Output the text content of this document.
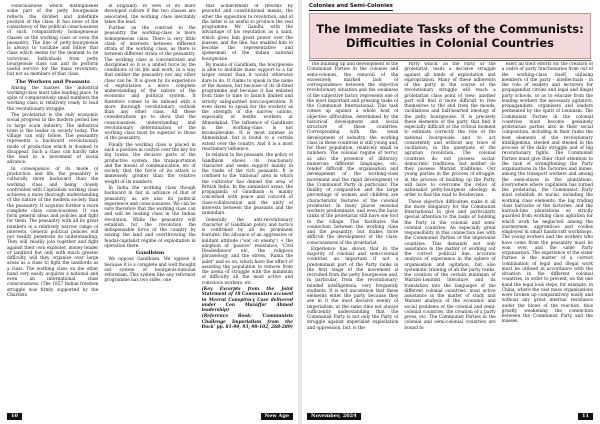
consciousness which distinguishes some part of the petty bourgeoisie reflects the divided and indefinite position of the class. It has none of the consistency of the political consciousness of such comparatively homogeneous classes as the working class or even the peasantry. The line of petty-bourgeoisie is always to vacillate and follow that class which seems for the moment to be victorious. Individuals from petty bourgeoisie class can and do perform useful service for the mass revolution, but not as members of that class.

The Workers and Peasants

Among the masses the industrial working-class must take leading place. In spite of comparatively small numbers the working class is relatively ready to lead the revolutionary struggle.

The proletariat is the only economic social progress in the modern period lies in large scale industry. The industrial town is the leader in society today. The village can only follow. The peasantry represents a backward revolutionary mode of production which is doomed to disappear. Such a class can hardly take the lead in a movement of social advance.

In consequence of its mode of production and life, the peasantry is culturally more backward than the working class and being closely confronted with Capitalism working class achieves a more thorough understanding of the nature of the modern society than the peasantry. It acquires further a more complete class consciousness. It can form general ideas and policies and fight for them. The peasantry with all its great numbers is a relatively narrow range of interests. General political policies will not readily penetrate its understanding. They will readily join together and fight against their own exploiter, money lender or landlord but only with much greater difficulty will they organise over large areas as a class to fight the landlords as a class. The working class on the other hand very easily acquires a national and even an international class consciousness. (The 1857 Indian freedom struggle was firmly supported by the Chartists

in England). In view of its more developed culture if the two classes are associated, the working class inevitably takes the lead.

Further on the contrast to the peasantry the working-class is more homogeneous class. There is very little clash of interests between different strata of the working class, as there is between different strata of the peasantry. The working class is concentrated and disciplined so it is a united force by the conditions of its life and work, in a way that neither the peasantry nor any other class can be. It is given by its experience of exploitation a more complete understanding of the nature of the economic and political system. It therefore comes to be imbued with a more thorough revolutionary outlook than any other class. All these considerations go to show that the consciousness, understanding and revolutionary determination of the working class must be superior to those of the peasantry.

Finally the working class is placed in such a position in control over the key for big towns, the decisive parts of the productive system, the transportation and the means of communication, etc of society that the force of its attack is immensely greater than the relative weight of its numbers.

In India the working class though backward in fair in advance of that of peasantry, as are also its political experience and consciousness. We can be sure therefore that the working class can and will be leading class in the Indian revolution. While the peasantry will establish for the revolution the indispensable force of the country by seizing the land and overthrowing the feudal-capitalist régime of exploitation in operation there.

Gandhism

We oppose Gandhism. We oppose it because it is a complete and well thought out system of bourgeois-national reformism. This system like any reformist programme has two sides, one

that achievement of reforms by peaceful and constitutional means, the other the opposition to revolution, and of the latter is as useful to produce the real programme. Mr. Gandhi, with the advantage of his reputation as a saint, which gives him great power over the masses, and the like, has enabled him to become the representative and spokesman of the Indian national bourgeoisie.

By means of Gandhism, the bourgeoisie is able to mobilize mass support to a far larger extent than it would otherwise dare to do. It claims to speak in the name of the masses, but because of its ill-fated programme and because it has enlisted from time to time to launch limited and strictly safeguarded non-cooperation. It even dares to speak for the workers as the strength of the narrow unions, especially of textile workers at Ahmedabad. The influence of Gandhism in the working-class is not inconsiderable. It is most intense in Ahmedabad, but is found to a certain extent over the country. And it is a most reactionary influence.

In relation to the peasants, the policy of Gandhism shows its reactionary character and seeks support mainly in the ranks of the rich peasants. It is confined to the 'national' area in which the cultivator has denied the area of British India. In the zamindari areas, the propaganda of Gandhism is mainly concerned with peace and concord of class-collaboration and the unity of interests between the peasants and the zamindars.

Generally the anti-revolutionary character of Gandhian policy and tactics is confirmed by all its prominent features: the advance of an aggressive or militant attitude ('war on enemy') + the adoption of 'passive' resistance, 'Civil Disobedience' etc, the religious phraseology and the stress, 'Rama the jailer' and so on, which have the effect of assisting the population to remove from the arena of struggle with the minimum of difficulty all the most active and conscious workers, etc.

(Key Excerpts from the Joint Statement of 18 Communists accused in Meerut Conspiracy Case delivered under Con Muzaffar Ahmed leadership)

(Reference Book: 'Communists Challenge Imperialism from the Dock' pp. 81-90, 93, 98-102, 268-289)

10	New Age
Colonies and Semi-Colonies
The Immediate Tasks of the Communists:
Difficulties in Colonial Countries

The building up and development of the Communist Parties in the colonies and semi-colonies, the removal of the excessively marked lack of correspondence between the objective revolutionary situation and the weakness of the subjective factor, represents one of the most important and pressing tasks of the Communist International. This task comes up against a whole host of objective difficulties, determined by the historical development and social structure of these countries. Corresponding with the weak development of industry, the working class in these countries is still young and, for their population, relatively small in numbers. The colonial regime of terror, as also the presence of illiteracy, numerous different languages, etc. render difficult the organisation and development of the working-class movement and the rapid development of the Communist Party in particular. The fluidity of composition and the large percentage of women and children are characteristic features of the colonial proletariat. In many places seasonal workers predominate, and even the basic ranks of the proletariat still have one foot in the village. This facilitates the connection between the working class and the peasantry, but makes more difficult the development of the class-consciousness of the proletariat.

Experience has shown that in the majority of colonial and semi-colonial countries an important if not a predominant part of the Party ranks in the first stage of the movement is recruited from the petty bourgeoisie and, in particular, from the revolutionary-minded intelligentsia, very frequently students. It is not uncommon that these elements enter the party because they see in it the most decisive enemy of imperialism, at the same time not always sufficiently understanding that the Communist Party is not only the Party of struggle against imperialist exploitation and oppression, but, is the

Party which, as the Party of the proletariat, leads a decisive struggle against all kinds of exploitation and expropriation. Many of these adherents of the party in the course of the revolutionary struggle will reach a proletarian class point of view; another part will find it more difficult to free themselves to the end from the moods, vacillations and half-hearted ideology of the petty bourgeoisie. It is precisely these elements of the party that find it especially difficult at the critical moment to estimate correctly the role of the national bourgeoisie and to act consistently and without any trace of vacillation, in the questions of the agrarian revolution. The colonial countries do not possess social-democratic traditions, but neither do they possess Marxist traditions. Our young parties in the process of struggle, in the process of building up the Party, will have to overcome the relics of nationalist petty-bourgeois ideology in order to find the road to Bolshevism.

These objective difficulties make it all the more obligatory for the Communist International to give and particularly special attention to the tasks of building the Party in the colonial and semi-colonial countries. An especially great responsibility in this connection lies with the Communist Parties of the imperialist countries. This demands not only assistance in the matter of working out the correct political line, accurate analysis of experience in the sphere of organisation and agitation, but also systematic training of all the party ranks, the creation of the certain minimum of Marxist-Leninist literature and its translation into the languages of the different colonial countries, most active assistance in the matter of study and Marxist analysis of the economic and social problems of the colonial and semi-colonial countries, the creation of a party press, etc. The Communist Parties in the colonial and semi-colonial countries are bound to

exert all their efforts for the creation of a cadre of party functionaries from out of the working-class itself, utilising members of the party - intellectuals - in the role of leaders and lecturers for propagandist circles and legal and illegal party schools, so as to educate from the leading workers the necessary agitators, propagandists, organisers and leaders permeated by the spirit of Leninism. The Communist Parties in the colonial countries must become genuinely proletarian parties also in their social composition, including in their ranks the best elements of the revolutionary intelligentsia, steeled and steeled in the process of the daily struggle and of big revolutionary fights. The Communist Parties must give their chief attention to the task of strengthening the Party organisations in the factories and mines, among the transport workers and among the semi-slaves in the plantations. Everywhere where capitalism has turned the proletariat, the Communist Party must establish its nuclei, including the working class elements, the big trading class barracks of the factories, and the barrack-line plantations so strictly guarded from working class agitation for which work he neglected among the journeymen, apprentices and coolies employed in small handicraft workshops. The young workers and the workers who have come from the peasantry must be won over, and the same Party organisation. The experience of the sister Parties is the matter of a correct combination of legal and illegal work must be utilised in accordance with the situation in the different colonial countries, in order to prevent, on the one hand the legal look steps, for example, in China, where the vast mass organisations were broken up comparatively easily and without any great internal resistance under the blows of the reaction, thus greatly weakening the connection between the Communist Party and the masses.

November, 2024	11
